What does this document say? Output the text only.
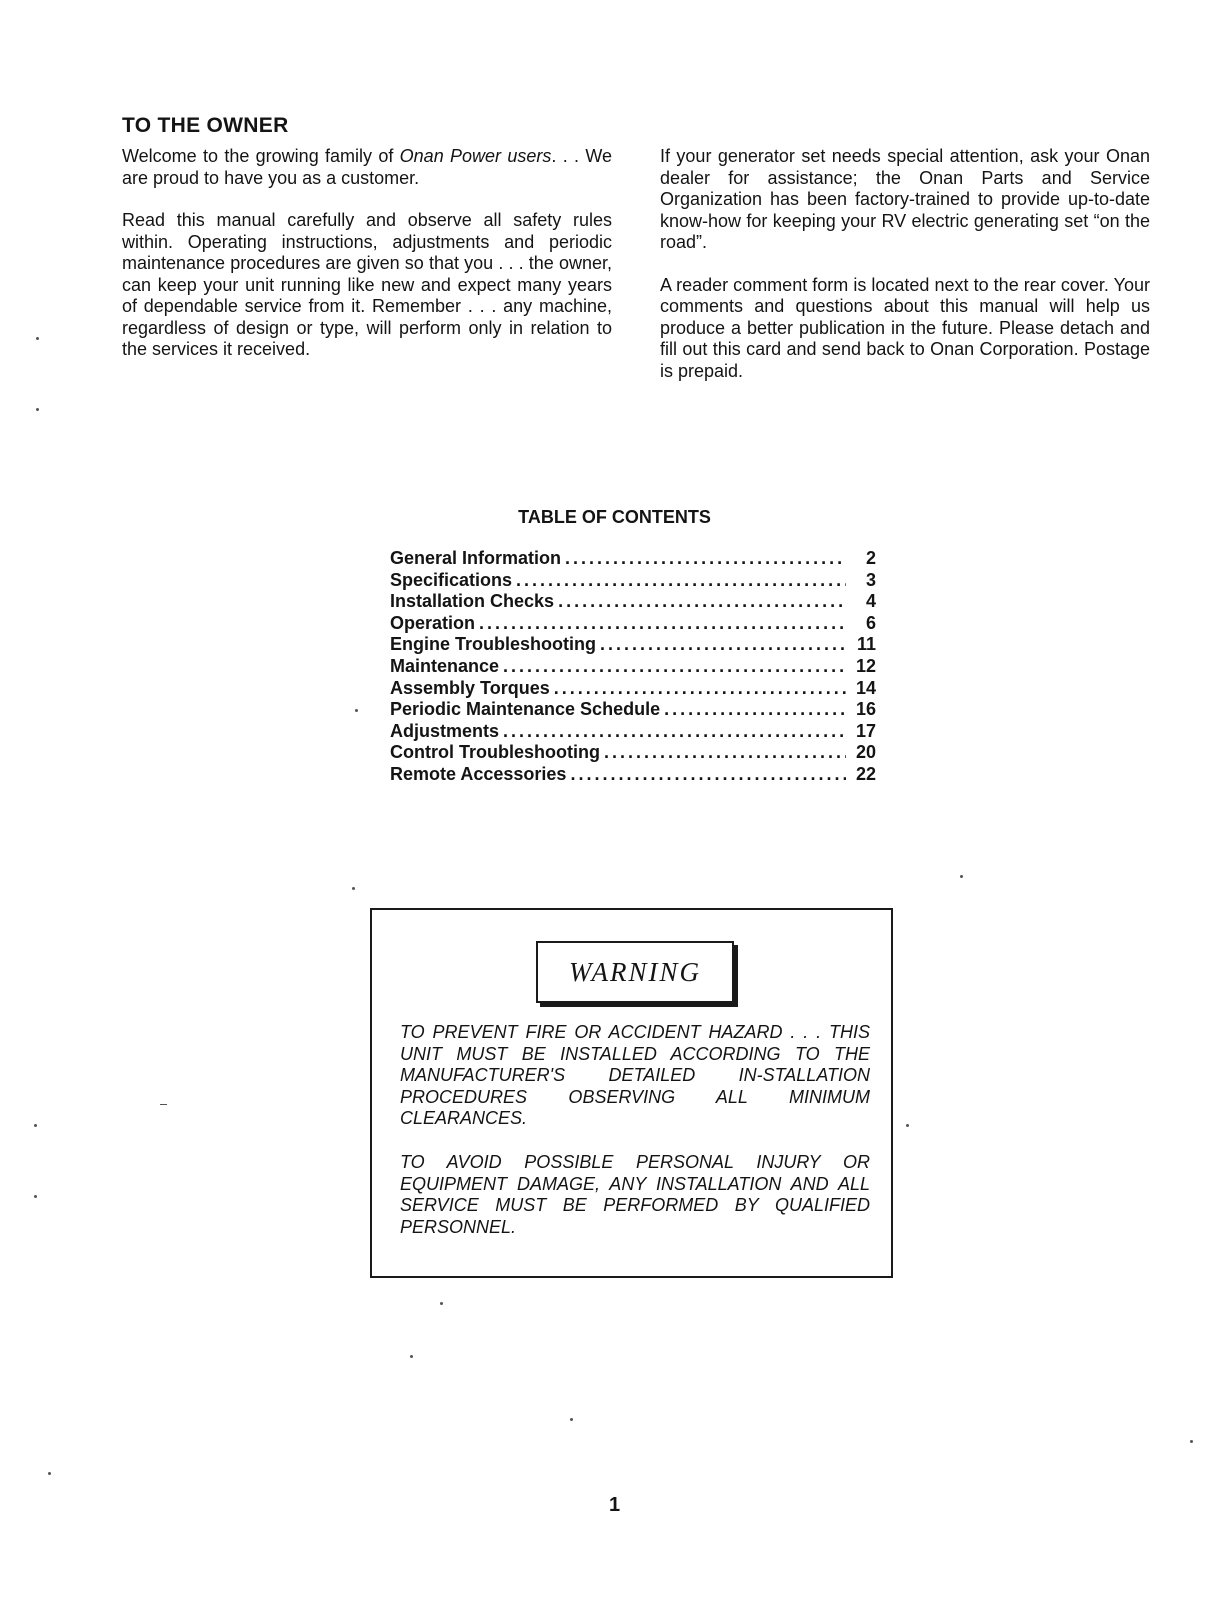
TO THE OWNER

Welcome to the growing family of Onan Power users. . . We are proud to have you as a customer.

Read this manual carefully and observe all safety rules within. Operating instructions, adjustments and periodic maintenance procedures are given so that you . . . the owner, can keep your unit running like new and expect many years of dependable service from it. Remember . . . any machine, regardless of design or type, will perform only in relation to the services it received.

If your generator set needs special attention, ask your Onan dealer for assistance; the Onan Parts and Service Organization has been factory-trained to provide up-to-date know-how for keeping your RV electric generating set “on the road”.

A reader comment form is located next to the rear cover. Your comments and questions about this manual will help us produce a better publication in the future. Please detach and fill out this card and send back to Onan Corporation. Postage is prepaid.

TABLE OF CONTENTS
General Information . . .	2
Specifications . . .	3
Installation Checks . . .	4
Operation . . .	6
Engine Troubleshooting . . .	11
Maintenance . . .	12
Assembly Torques . . .	14
Periodic Maintenance Schedule . . .	16
Adjustments . . .	17
Control Troubleshooting . . .	20
Remote Accessories . . .	22
WARNING

TO PREVENT FIRE OR ACCIDENT HAZARD . . . THIS UNIT MUST BE INSTALLED ACCORDING TO THE MANUFACTURER'S DETAILED IN-STALLATION PROCEDURES OBSERVING ALL MINIMUM CLEARANCES.

TO AVOID POSSIBLE PERSONAL INJURY OR EQUIPMENT DAMAGE, ANY INSTALLATION AND ALL SERVICE MUST BE PERFORMED BY QUALIFIED PERSONNEL.

1
